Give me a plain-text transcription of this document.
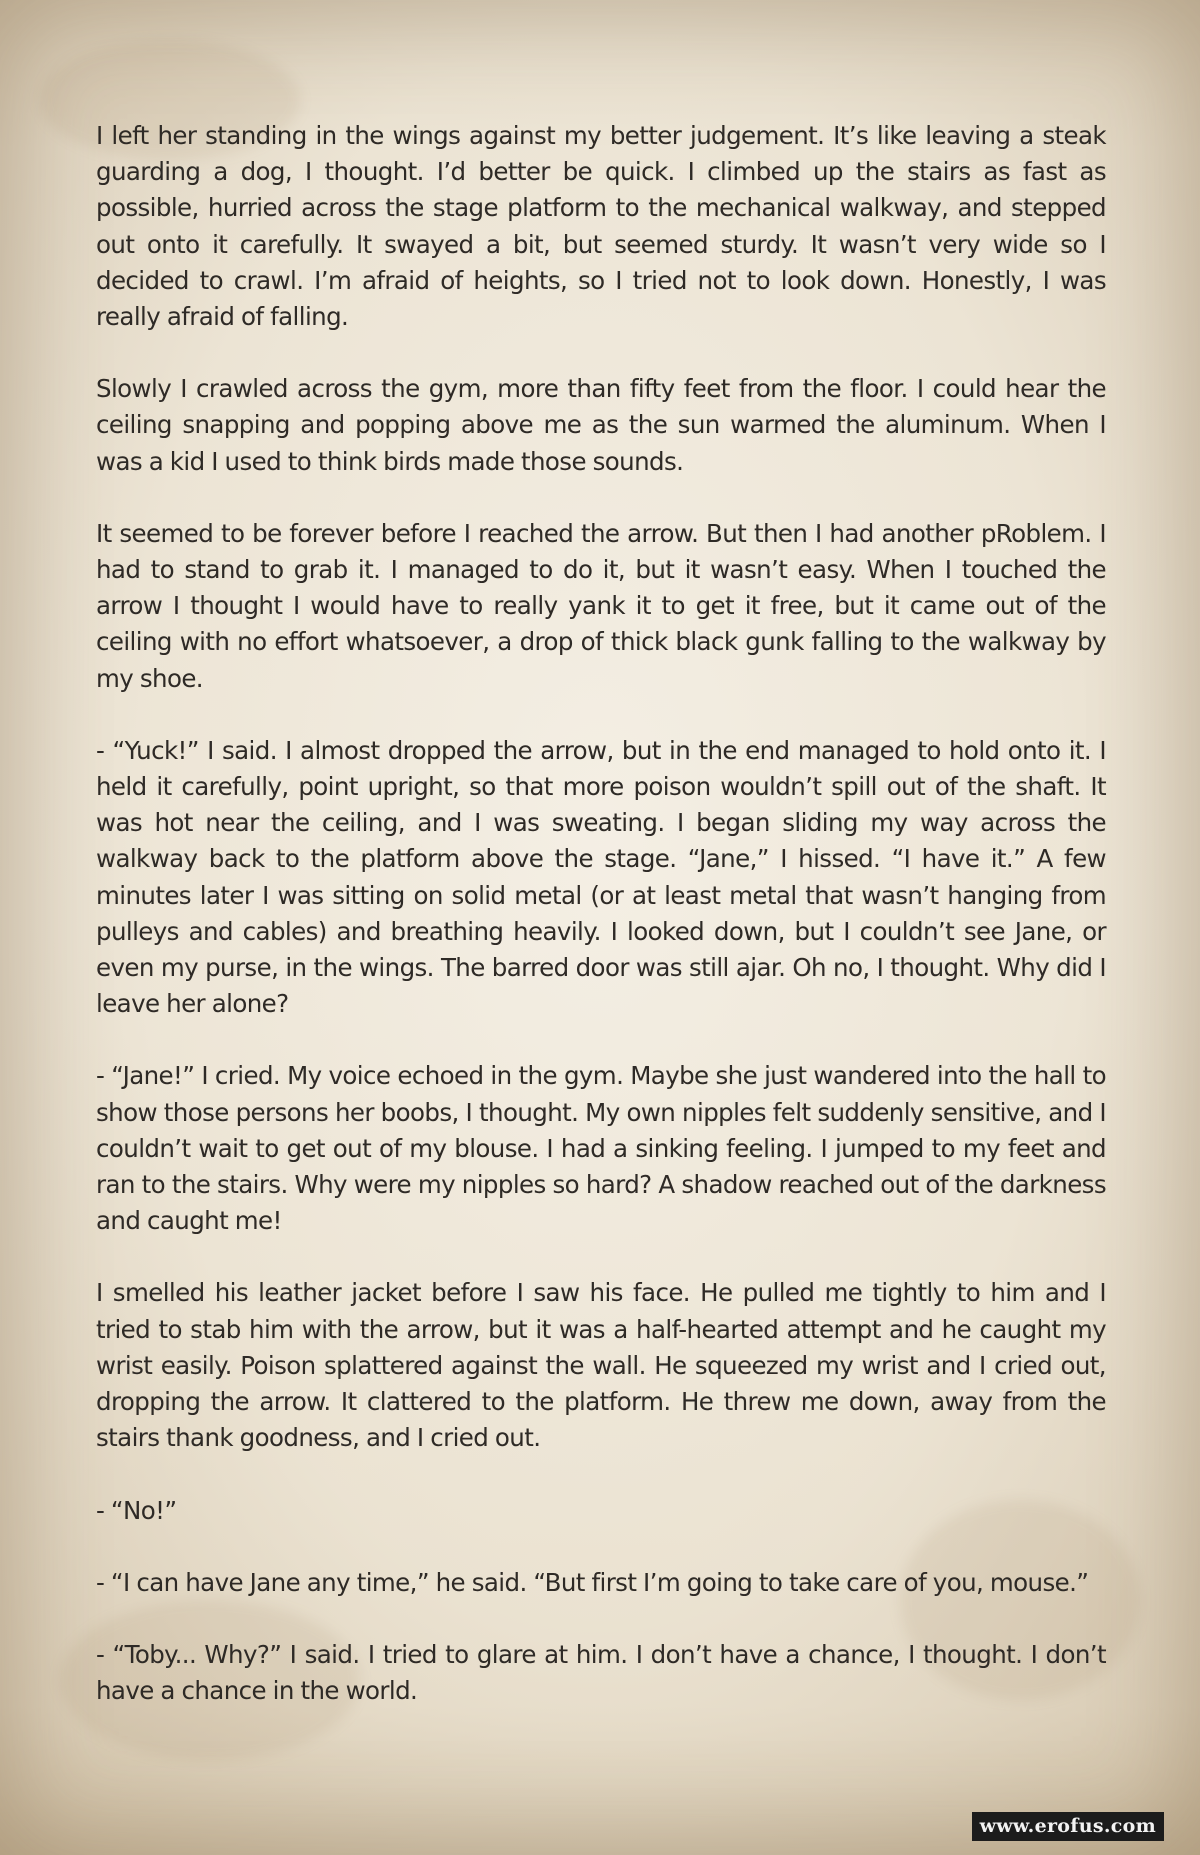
I left her standing in the wings against my better judgement. It’s like leaving a steak guarding a dog, I thought. I’d better be quick. I climbed up the stairs as fast as possible, hurried across the stage platform to the mechanical walkway, and stepped out onto it carefully. It swayed a bit, but seemed sturdy. It wasn’t very wide so I decided to crawl. I’m afraid of heights, so I tried not to look down. Honestly, I was really afraid of falling.

Slowly I crawled across the gym, more than fifty feet from the floor. I could hear the ceiling snapping and popping above me as the sun warmed the aluminum. When I was a kid I used to think birds made those sounds.

It seemed to be forever before I reached the arrow. But then I had another pRoblem. I had to stand to grab it. I managed to do it, but it wasn’t easy. When I touched the arrow I thought I would have to really yank it to get it free, but it came out of the ceiling with no effort whatsoever, a drop of thick black gunk falling to the walkway by my shoe.

- “Yuck!” I said. I almost dropped the arrow, but in the end managed to hold onto it. I held it carefully, point upright, so that more poison wouldn’t spill out of the shaft. It was hot near the ceiling, and I was sweating. I began sliding my way across the walkway back to the platform above the stage. “Jane,” I hissed. “I have it.” A few minutes later I was sitting on solid metal (or at least metal that wasn’t hanging from pulleys and cables) and breathing heavily. I looked down, but I couldn’t see Jane, or even my purse, in the wings. The barred door was still ajar. Oh no, I thought. Why did I leave her alone?

- “Jane!” I cried. My voice echoed in the gym. Maybe she just wandered into the hall to show those persons her boobs, I thought. My own nipples felt suddenly sensitive, and I couldn’t wait to get out of my blouse. I had a sinking feeling. I jumped to my feet and ran to the stairs. Why were my nipples so hard? A shadow reached out of the darkness and caught me!

I smelled his leather jacket before I saw his face. He pulled me tightly to him and I tried to stab him with the arrow, but it was a half-hearted attempt and he caught my wrist easily. Poison splattered against the wall. He squeezed my wrist and I cried out, dropping the arrow. It clattered to the platform. He threw me down, away from the stairs thank goodness, and I cried out.

- “No!”

- “I can have Jane any time,” he said. “But first I’m going to take care of you, mouse.”

- “Toby... Why?” I said. I tried to glare at him. I don’t have a chance, I thought. I don’t have a chance in the world.

www.erofus.com
